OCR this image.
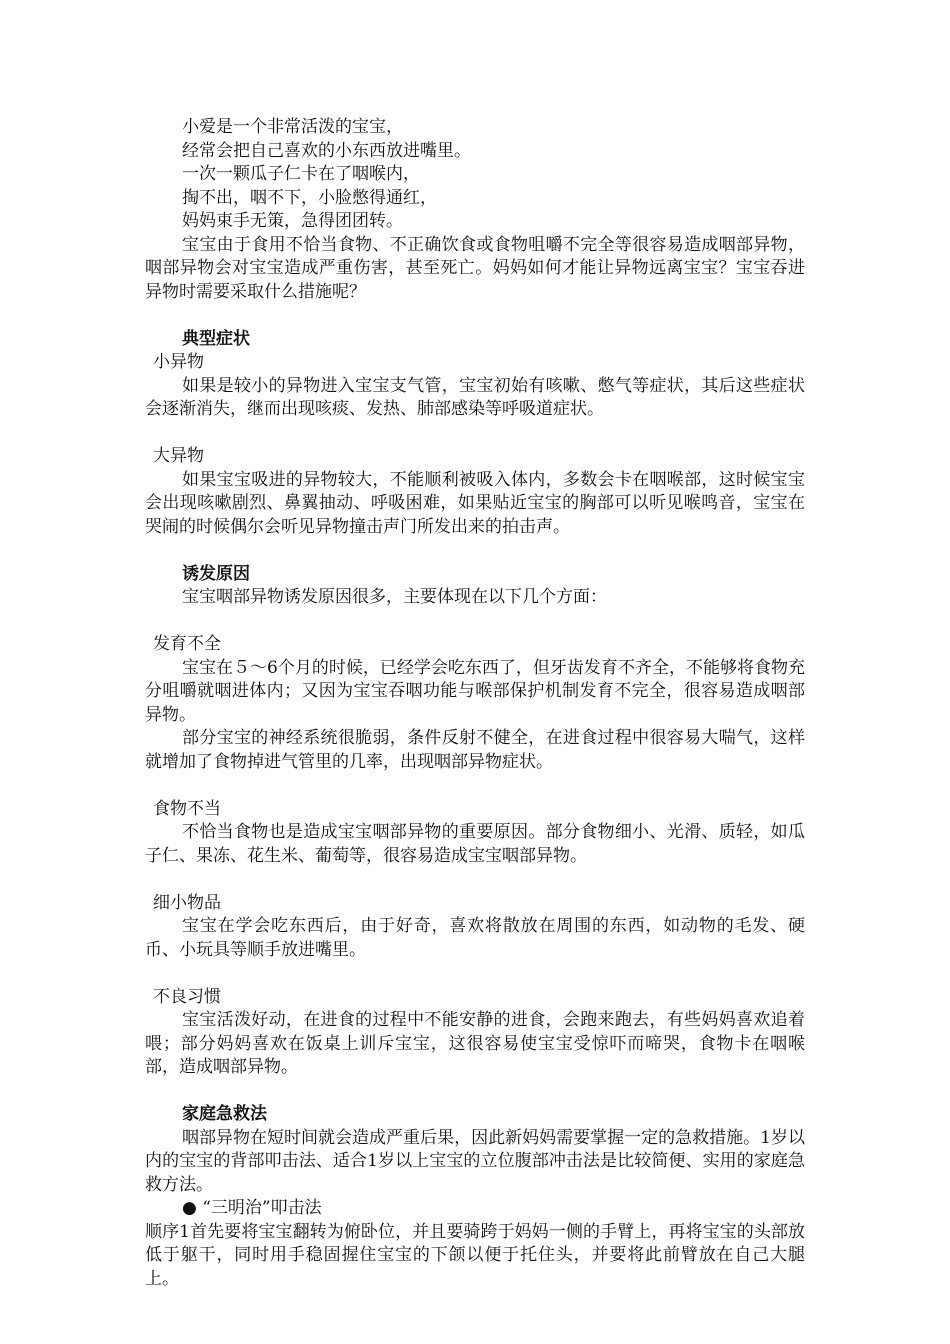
小爱是一个非常活泼的宝宝，

经常会把自己喜欢的小东西放进嘴里。

一次一颗瓜子仁卡在了咽喉内，

掏不出，咽不下，小脸憋得通红，

妈妈束手无策，急得团团转。

宝宝由于食用不恰当食物、不正确饮食或食物咀嚼不完全等很容易造成咽部异物，咽部异物会对宝宝造成严重伤害，甚至死亡。妈妈如何才能让异物远离宝宝？宝宝吞进异物时需要采取什么措施呢？

典型症状

小异物

如果是较小的异物进入宝宝支气管，宝宝初始有咳嗽、憋气等症状，其后这些症状会逐渐消失，继而出现咳痰、发热、肺部感染等呼吸道症状。

大异物

如果宝宝吸进的异物较大，不能顺利被吸入体内，多数会卡在咽喉部，这时候宝宝会出现咳嗽剧烈、鼻翼抽动、呼吸困难，如果贴近宝宝的胸部可以听见喉鸣音，宝宝在哭闹的时候偶尔会听见异物撞击声门所发出来的拍击声。

诱发原因

宝宝咽部异物诱发原因很多，主要体现在以下几个方面：

发育不全

宝宝在５～6个月的时候，已经学会吃东西了，但牙齿发育不齐全，不能够将食物充分咀嚼就咽进体内；又因为宝宝吞咽功能与喉部保护机制发育不完全，很容易造成咽部异物。

部分宝宝的神经系统很脆弱，条件反射不健全，在进食过程中很容易大喘气，这样就增加了食物掉进气管里的几率，出现咽部异物症状。

食物不当

不恰当食物也是造成宝宝咽部异物的重要原因。部分食物细小、光滑、质轻，如瓜子仁、果冻、花生米、葡萄等，很容易造成宝宝咽部异物。

细小物品

宝宝在学会吃东西后，由于好奇，喜欢将散放在周围的东西，如动物的毛发、硬币、小玩具等顺手放进嘴里。

不良习惯

宝宝活泼好动，在进食的过程中不能安静的进食，会跑来跑去，有些妈妈喜欢追着喂；部分妈妈喜欢在饭桌上训斥宝宝，这很容易使宝宝受惊吓而啼哭，食物卡在咽喉部，造成咽部异物。

家庭急救法

咽部异物在短时间就会造成严重后果，因此新妈妈需要掌握一定的急救措施。1岁以内的宝宝的背部叩击法、适合1岁以上宝宝的立位腹部冲击法是比较简便、实用的家庭急救方法。

● “三明治”叩击法

顺序1首先要将宝宝翻转为俯卧位，并且要骑跨于妈妈一侧的手臂上，再将宝宝的头部放低于躯干，同时用手稳固握住宝宝的下颌以便于托住头，并要将此前臂放在自己大腿上。
